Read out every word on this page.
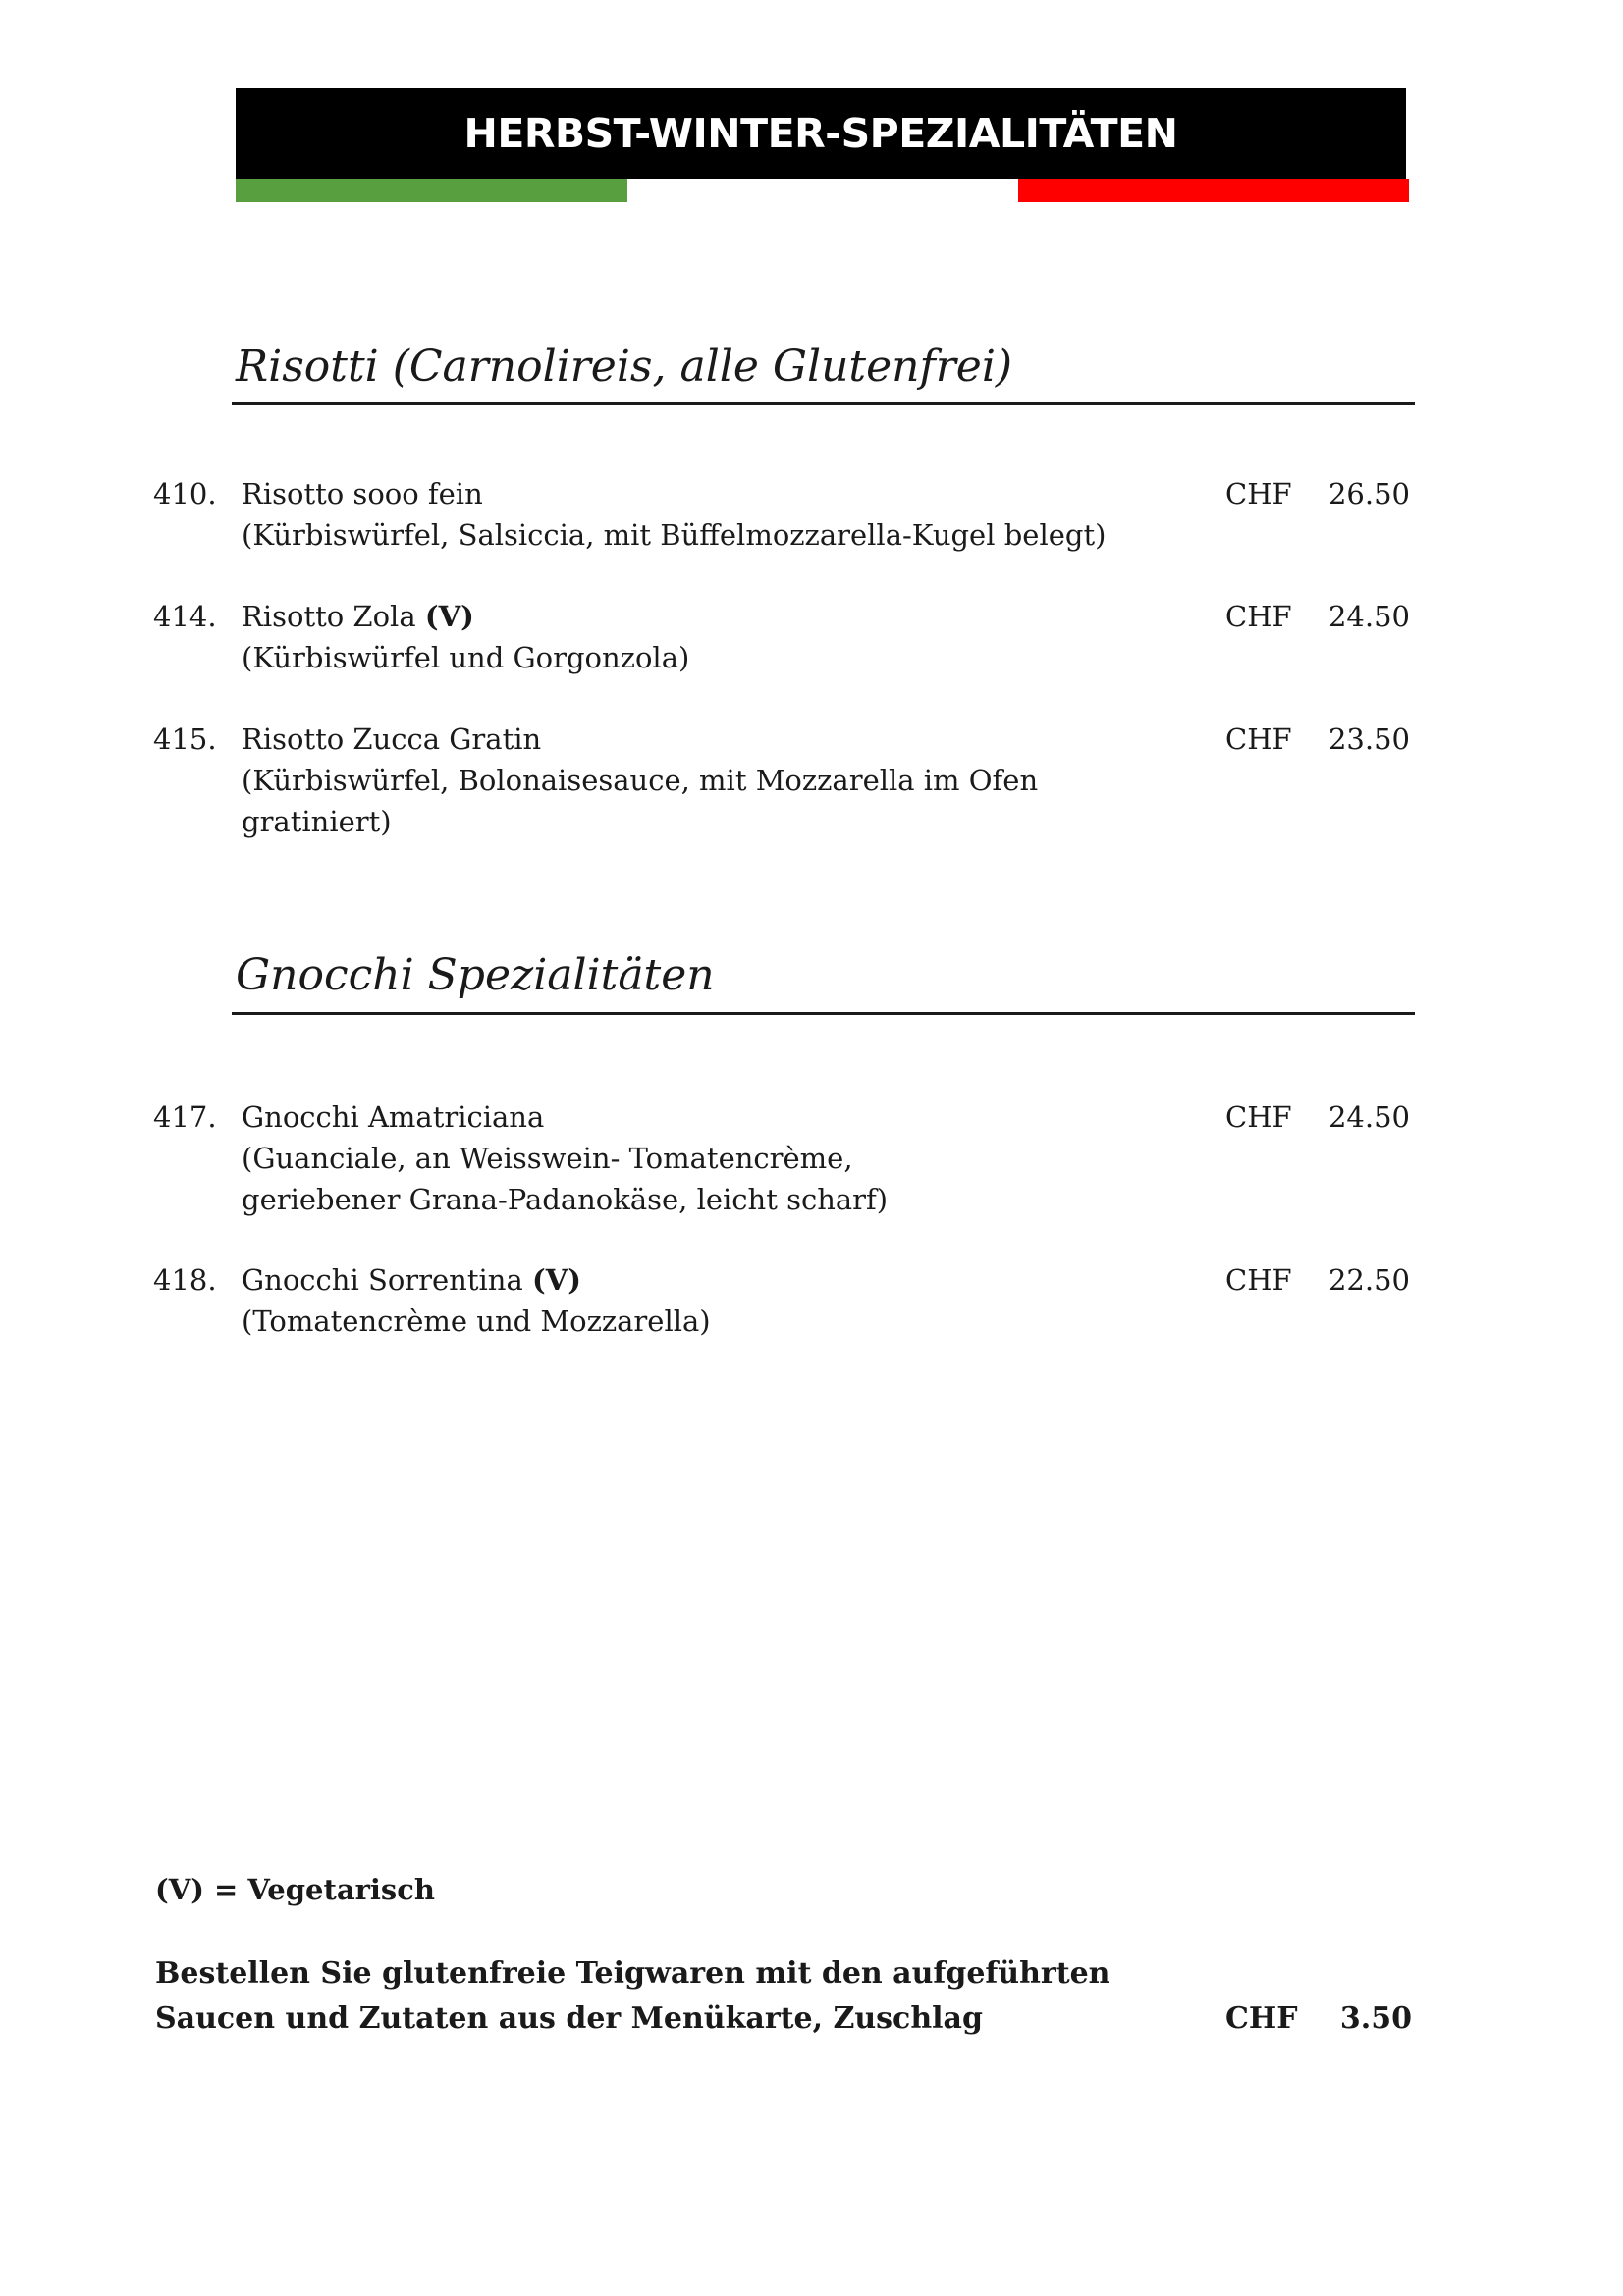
HERBST-WINTER-SPEZIALITÄTEN
Risotti (Carnolireis, alle Glutenfrei)
410. Risotto sooo fein
(Kürbiswürfel, Salsiccia, mit Büffelmozzarella-Kugel belegt)
CHF 26.50
414. Risotto Zola (V)
(Kürbiswürfel und Gorgonzola)
CHF 24.50
415. Risotto Zucca Gratin
(Kürbiswürfel, Bolonaisesauce, mit Mozzarella im Ofen gratiniert)
CHF 23.50
Gnocchi Spezialitäten
417. Gnocchi Amatriciana
(Guanciale, an Weisswein- Tomatencrème,
geriebener Grana-Padanokäse, leicht scharf)
CHF 24.50
418. Gnocchi Sorrentina (V)
(Tomatencrème und Mozzarella)
CHF 22.50
(V) = Vegetarisch
Bestellen Sie glutenfreie Teigwaren mit den aufgeführten
Saucen und Zutaten aus der Menükarte, Zuschlag	CHF 3.50
